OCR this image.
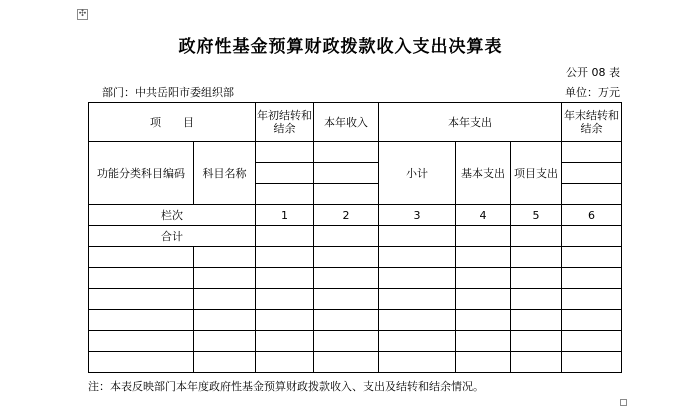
✣
政府性基金预算财政拨款收入支出决算表
公开 08 表
部门：中共岳阳市委组织部	单位：万元
项　　目		年初结转和结余	本年收入	本年支出			年末结转和结余
功能分类科目编码	科目名称			小计	基本支出	项目支出	

栏次		1	2	3	4	5	6
合计							

注：本表反映部门本年度政府性基金预算财政拨款收入、支出及结转和结余情况。
